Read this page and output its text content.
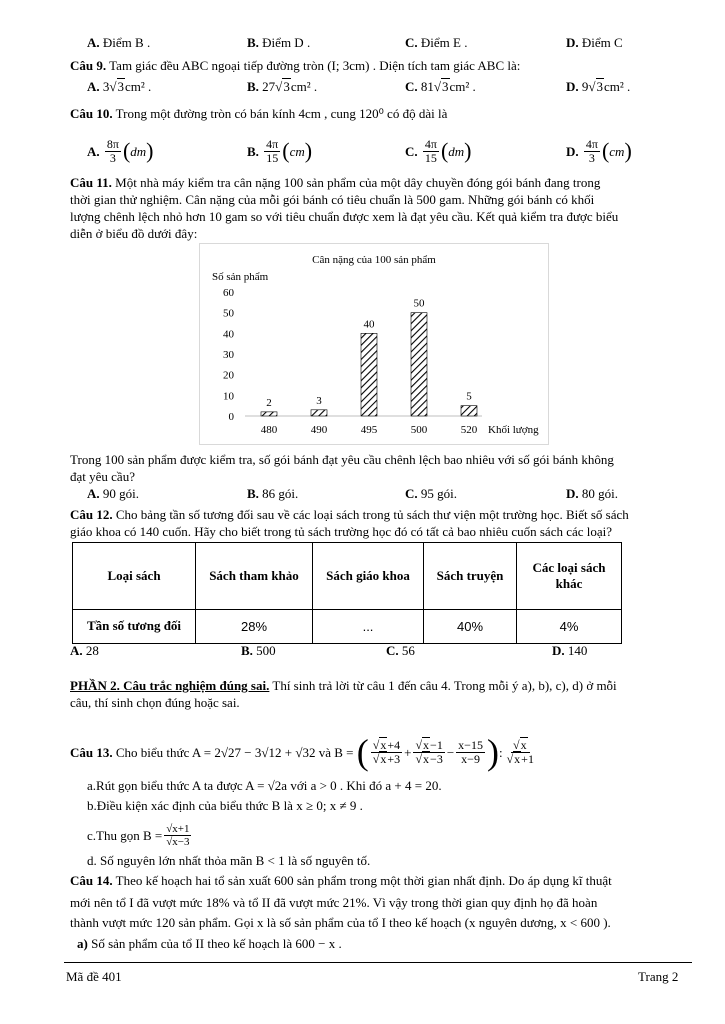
A. Điểm B .	B. Điểm D .	C. Điểm E .	D. Điểm C
Câu 9. Tam giác đều ABC ngoại tiếp đường tròn (I; 3cm) . Diện tích tam giác ABC là:
A. 3 √ 3cm² .	B. 27 √ 3cm² .	C. 81 √ 3cm² .	D. 9 √ 3cm² .
Câu 10. Trong một đường tròn có bán kính 4cm , cung 120⁰ có độ dài là
A.
$\frac{8\pi}{3}$ ( dm )	B.
$\frac{4\pi}{15}$ ( cm )	C.
$\frac{4\pi}{15}$ ( dm )	D.
$\frac{4\pi}{3}$ ( cm )
Câu 11. Một nhà máy kiểm tra cân nặng 100 sản phẩm của một dây chuyền đóng gói bánh đang trong
thời gian thử nghiệm. Cân nặng của mỗi gói bánh có tiêu chuẩn là 500 gam. Những gói bánh có khối
lượng chênh lệch nhỏ hơn 10 gam so với tiêu chuẩn được xem là đạt yêu cầu. Kết quả kiểm tra được biểu
diễn ở biểu đồ dưới đây:
Cân nặng của 100 sản phẩm
Số sản phẩm
Khối lượng
0
10
20
30
40
50
60
2
480
3
490
40
495
50
500
5
520
Trong 100 sản phẩm được kiểm tra, số gói bánh đạt yêu cầu chênh lệch bao nhiêu với số gói bánh không
đạt yêu cầu?
A. 90 gói.	B. 86 gói.	C. 95 gói.	D. 80 gói.
Câu 12. Cho bảng tần số tương đối sau về các loại sách trong tủ sách thư viện một trường học. Biết số sách
giáo khoa có 140 cuốn. Hãy cho biết trong tủ sách trường học đó có tất cả bao nhiêu cuốn sách các loại?
Loại sách	Sách tham khảo	Sách giáo khoa	Sách truyện	Các loại sách khác
Tần số tương đối	28%	...	40%	4%
A. 28	B. 500	C. 56	D. 140
PHẦN 2. Câu trắc nghiệm đúng sai. Thí sinh trả lời từ câu 1 đến câu 4. Trong mỗi ý a), b), c), d) ở mỗi
câu, thí sinh chọn đúng hoặc sai.
Câu 13.
Cho biểu thức A = 2√27 − 3√12 + √32 và B =
( √ x+4
√ x+3 + √ x−1
√ $x-3 - \frac{x-15}{x-9}$ ) : √ x
√ x+1
a.Rút gọn biểu thức A ta được A = √2a với a > 0 . Khi đó a + 4 = 20.
b.Điều kiện xác định của biểu thức B là x ≥ 0; x ≠ 9 .
c.Thu gọn $B = \frac{√x+1}{√x-3}$
d. Số nguyên lớn nhất thỏa mãn B < 1 là số nguyên tố.
Câu 14. Theo kế hoạch hai tổ sản xuất 600 sản phẩm trong một thời gian nhất định. Do áp dụng kĩ thuật
mới nên tổ I đã vượt mức 18% và tổ II đã vượt mức 21%. Vì vậy trong thời gian quy định họ đã hoàn
thành vượt mức 120 sản phẩm. Gọi x là số sản phẩm của tổ I theo kế hoạch (x nguyên dương, x < 600 ).
a) Số sản phẩm của tổ II theo kế hoạch là 600 − x .
Mã đề 401	Trang 2
